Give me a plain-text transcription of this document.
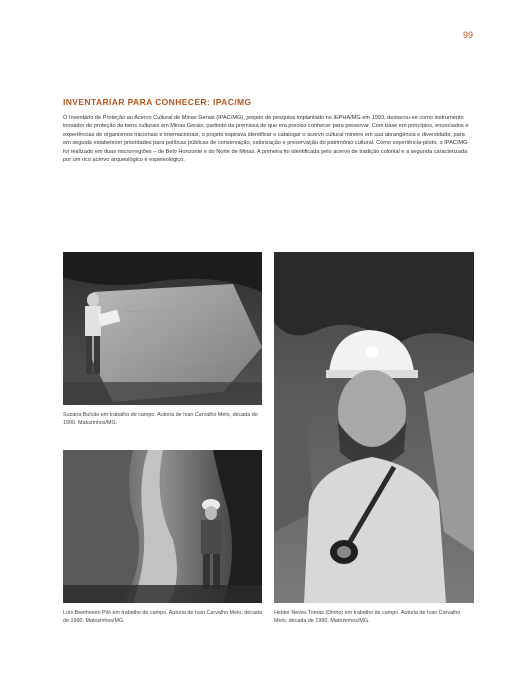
99
INVENTARIAR PARA CONHECER: IPAC/MG
O Inventário de Proteção ao Acervo Cultural de Minas Gerais (IPAC/MG), projeto de pesquisa implantado no IEPHA/MG em 1993, destacou-se como instrumento inovador de proteção de bens culturais em Minas Gerais, partindo da premissa de que era preciso conhecer para preservar. Com base em princípios, enunciados e experiências de organismos nacionais e internacionais, o projeto espirava identificar e catalogar o acervo cultural mineiro em sua abrangência e diversidade, para em seguida estabelecer prioridades para políticas públicas de conservação, valorização e preservação do patrimônio cultural. Como experiência-piloto, o IPAC/MG foi realizado em duas microrregiões – de Belo Horizonte e do Norte de Minas. A primeira foi identificada pelo acervo de tradição colonial e a segunda caracterizada por um rico acervo arqueológico e espeleológico.
Suzana Bulcão em trabalho de campo. Autoria de Ivan Carvalho Melo, década de 1990. Matozinhos/MG.
Luís Beethoven Piló em trabalho de campo. Autoria de Ivan Carvalho Melo, década de 1990. Matozinhos/MG.
Helder Neves Tomas (Dinho) em trabalho de campo. Autoria de Ivan Carvalho Melo, década de 1990. Matozinhos/MG.
